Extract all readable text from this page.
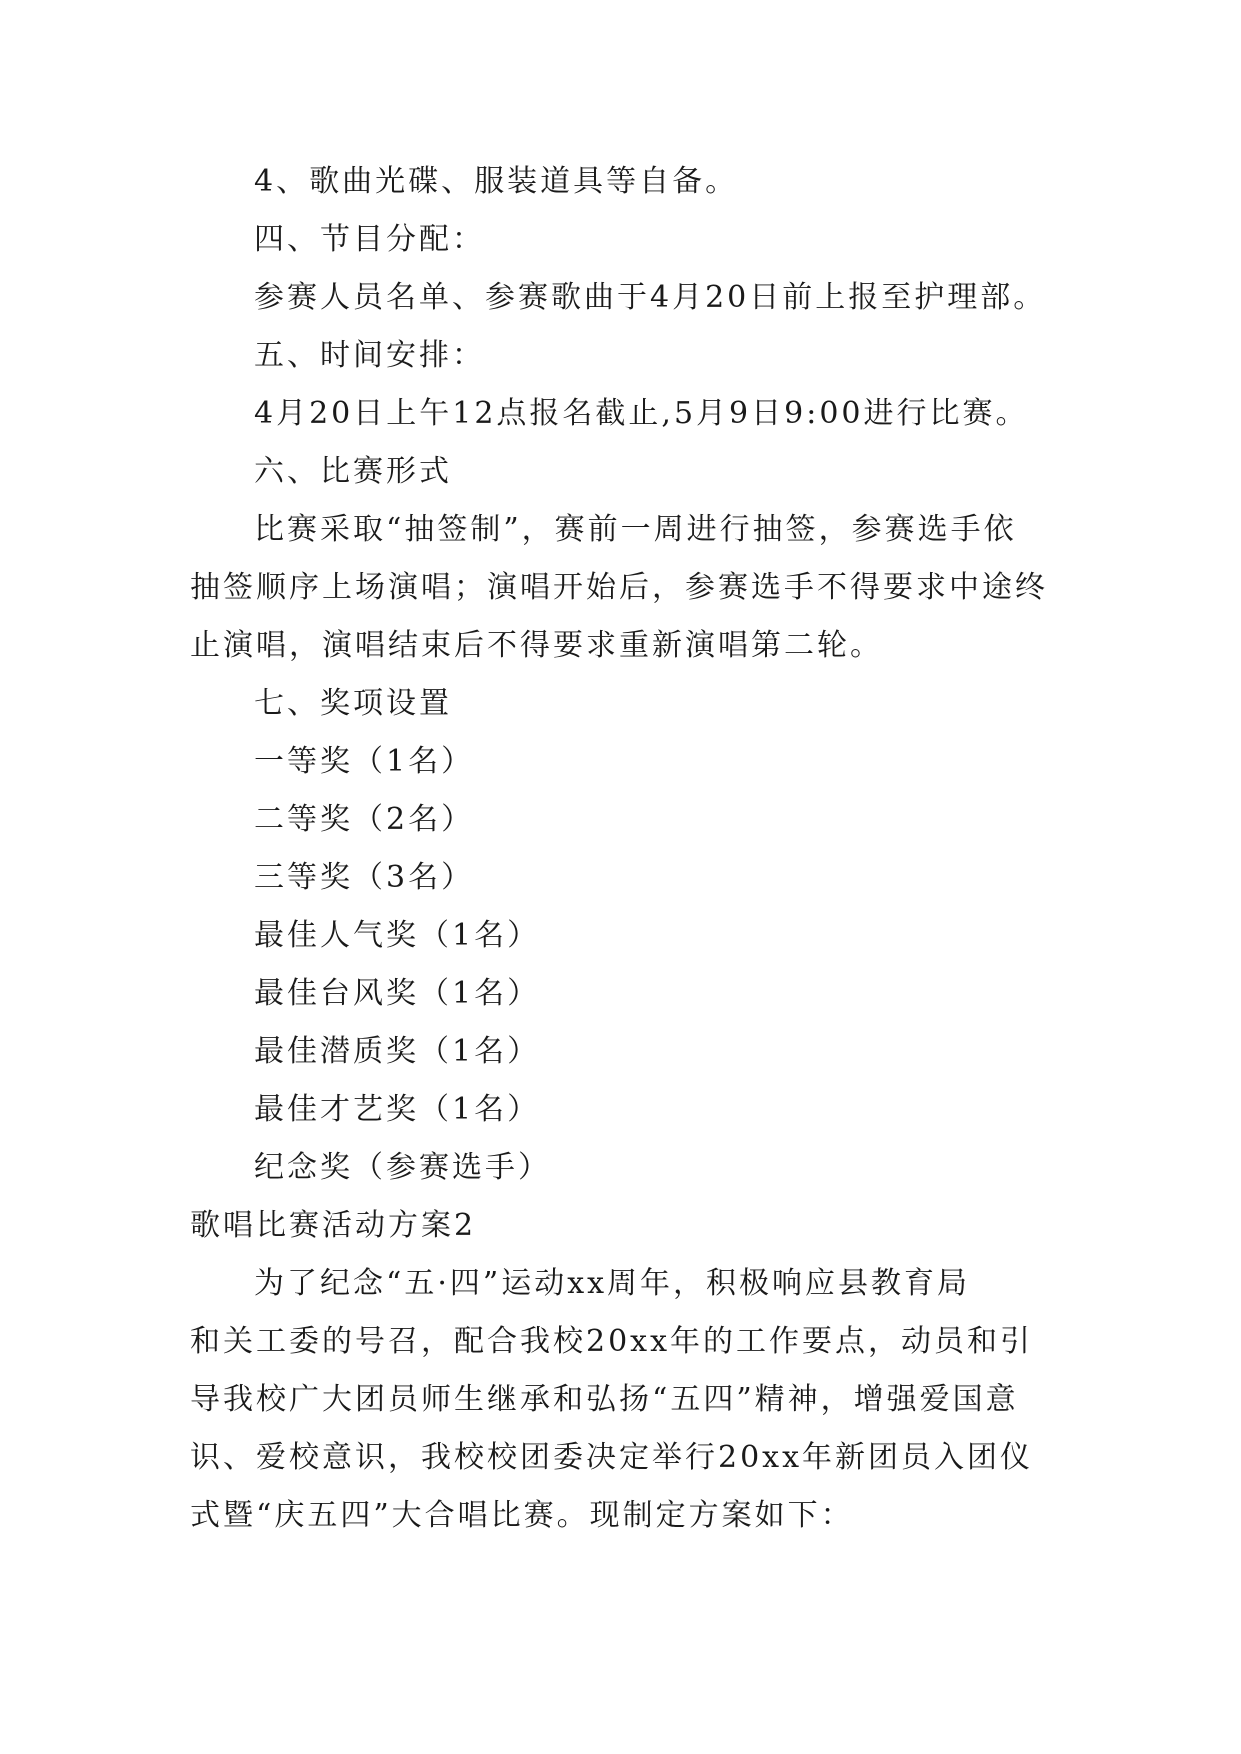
4、歌曲光碟、服装道具等自备。
四、节目分配：
参赛人员名单、参赛歌曲于4月20日前上报至护理部。
五、时间安排：
4月20日上午12点报名截止,5月9日9:00进行比赛。
六、比赛形式
比赛采取“抽签制”，赛前一周进行抽签，参赛选手依
抽签顺序上场演唱；演唱开始后，参赛选手不得要求中途终
止演唱，演唱结束后不得要求重新演唱第二轮。
七、奖项设置
一等奖（1名）
二等奖（2名）
三等奖（3名）
最佳人气奖（1名）
最佳台风奖（1名）
最佳潜质奖（1名）
最佳才艺奖（1名）
纪念奖（参赛选手）
歌唱比赛活动方案2
为了纪念“五·四”运动xx周年，积极响应县教育局
和关工委的号召，配合我校20xx年的工作要点，动员和引
导我校广大团员师生继承和弘扬“五四”精神，增强爱国意
识、爱校意识，我校校团委决定举行20xx年新团员入团仪
式暨“庆五四”大合唱比赛。现制定方案如下：
